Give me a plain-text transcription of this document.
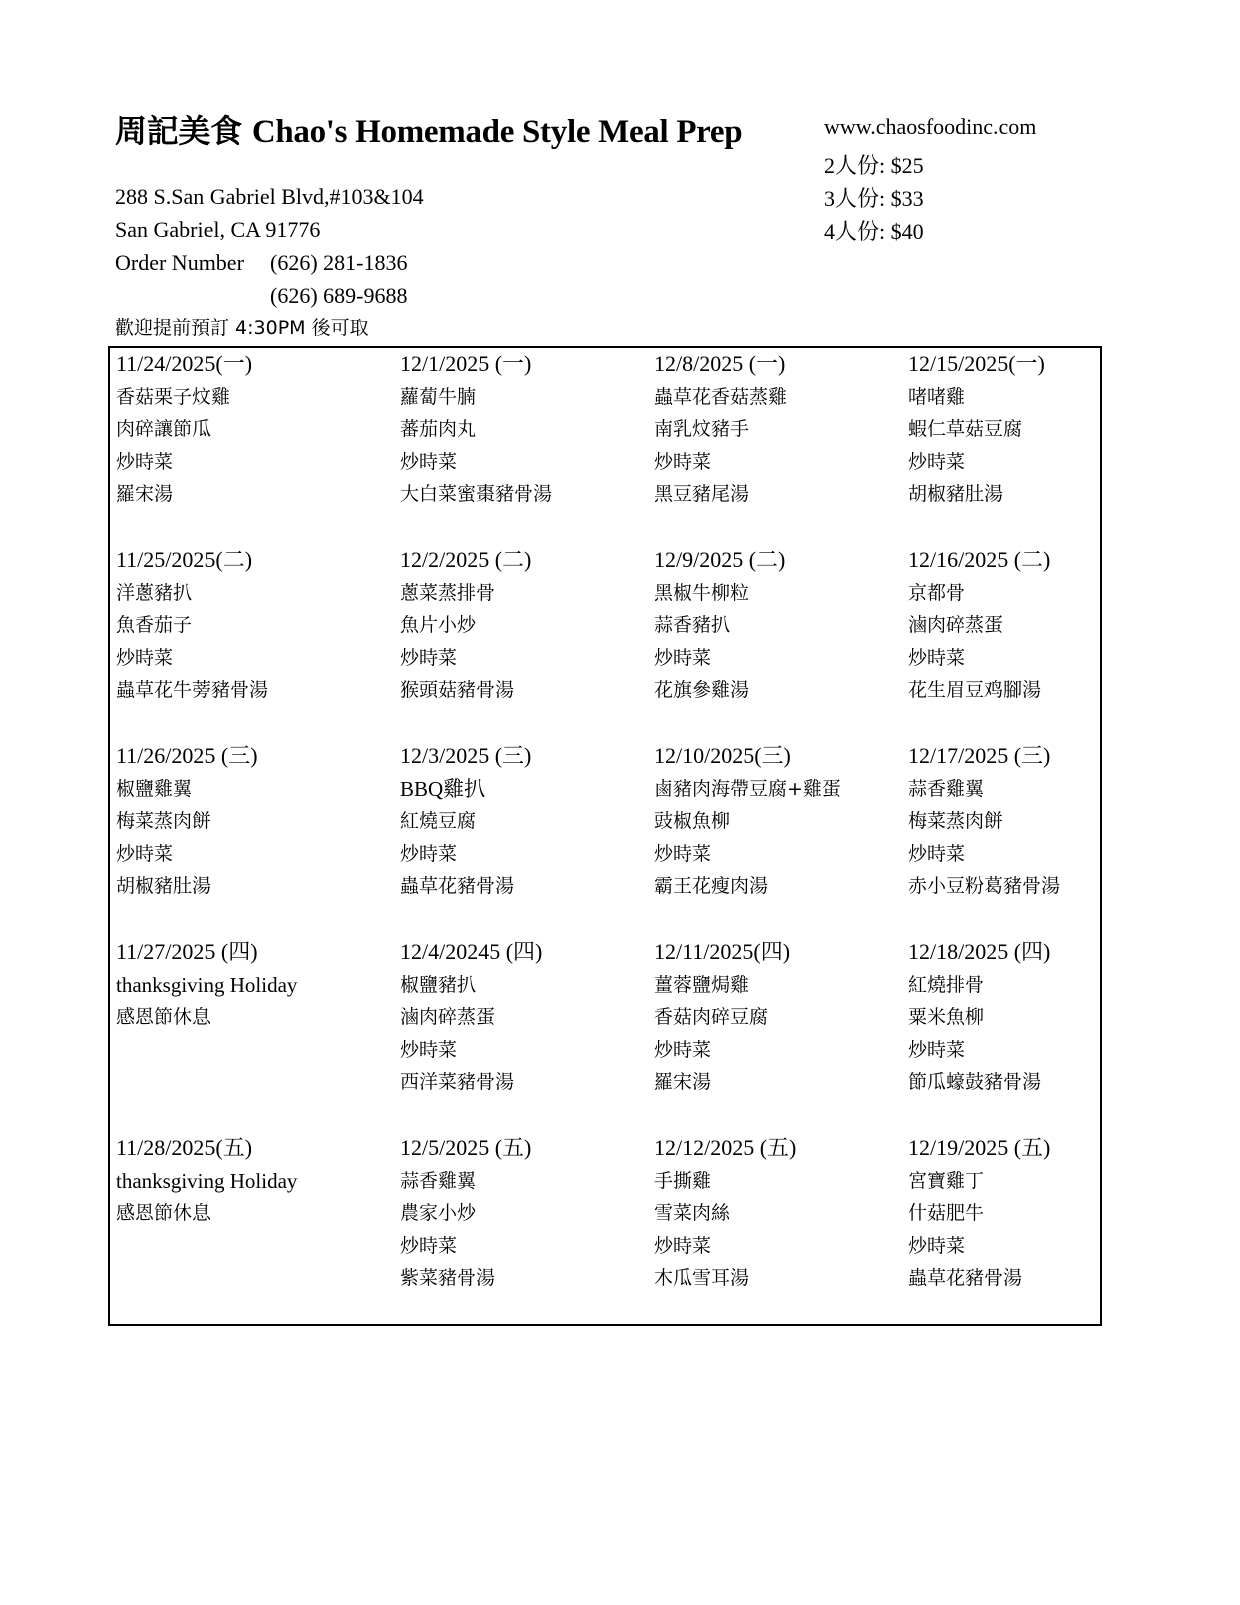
周記美食 Chao's Homemade Style Meal Prep	www.chaosfoodinc.com
2人份: $25
3人份: $33
4人份: $40
288 S.San Gabriel Blvd,#103&104
San Gabriel, CA 91776
Order Number (626) 281-1836
(626) 689-9688
歡迎提前預訂 4:30PM 後可取
11/24/2025(一)
香菇栗子炆雞
肉碎讓節瓜
炒時菜
羅宋湯
11/25/2025(二)
洋蔥豬扒
魚香茄子
炒時菜
蟲草花牛蒡豬骨湯
11/26/2025 (三)
椒鹽雞翼
梅菜蒸肉餅
炒時菜
胡椒豬肚湯
11/27/2025 (四)
thanksgiving Holiday
感恩節休息
11/28/2025(五)
thanksgiving Holiday
感恩節休息
12/1/2025 (一)
蘿蔔牛腩
蕃茄肉丸
炒時菜
大白菜蜜棗豬骨湯
12/2/2025 (二)
蔥菜蒸排骨
魚片小炒
炒時菜
猴頭菇豬骨湯
12/3/2025 (三)
BBQ雞扒
紅燒豆腐
炒時菜
蟲草花豬骨湯
12/4/20245 (四)
椒鹽豬扒
滷肉碎蒸蛋
炒時菜
西洋菜豬骨湯
12/5/2025 (五)
蒜香雞翼
農家小炒
炒時菜
紫菜豬骨湯
12/8/2025 (一)
蟲草花香菇蒸雞
南乳炆豬手
炒時菜
黑豆豬尾湯
12/9/2025 (二)
黑椒牛柳粒
蒜香豬扒
炒時菜
花旗參雞湯
12/10/2025(三)
鹵豬肉海帶豆腐+雞蛋
豉椒魚柳
炒時菜
霸王花瘦肉湯
12/11/2025(四)
薑蓉鹽焗雞
香菇肉碎豆腐
炒時菜
羅宋湯
12/12/2025 (五)
手撕雞
雪菜肉絲
炒時菜
木瓜雪耳湯
12/15/2025(一)
啫啫雞
蝦仁草菇豆腐
炒時菜
胡椒豬肚湯
12/16/2025 (二)
京都骨
滷肉碎蒸蛋
炒時菜
花生眉豆鸡腳湯
12/17/2025 (三)
蒜香雞翼
梅菜蒸肉餅
炒時菜
赤小豆粉葛豬骨湯
12/18/2025 (四)
紅燒排骨
粟米魚柳
炒時菜
節瓜蠔鼓豬骨湯
12/19/2025 (五)
宮寶雞丁
什菇肥牛
炒時菜
蟲草花豬骨湯
